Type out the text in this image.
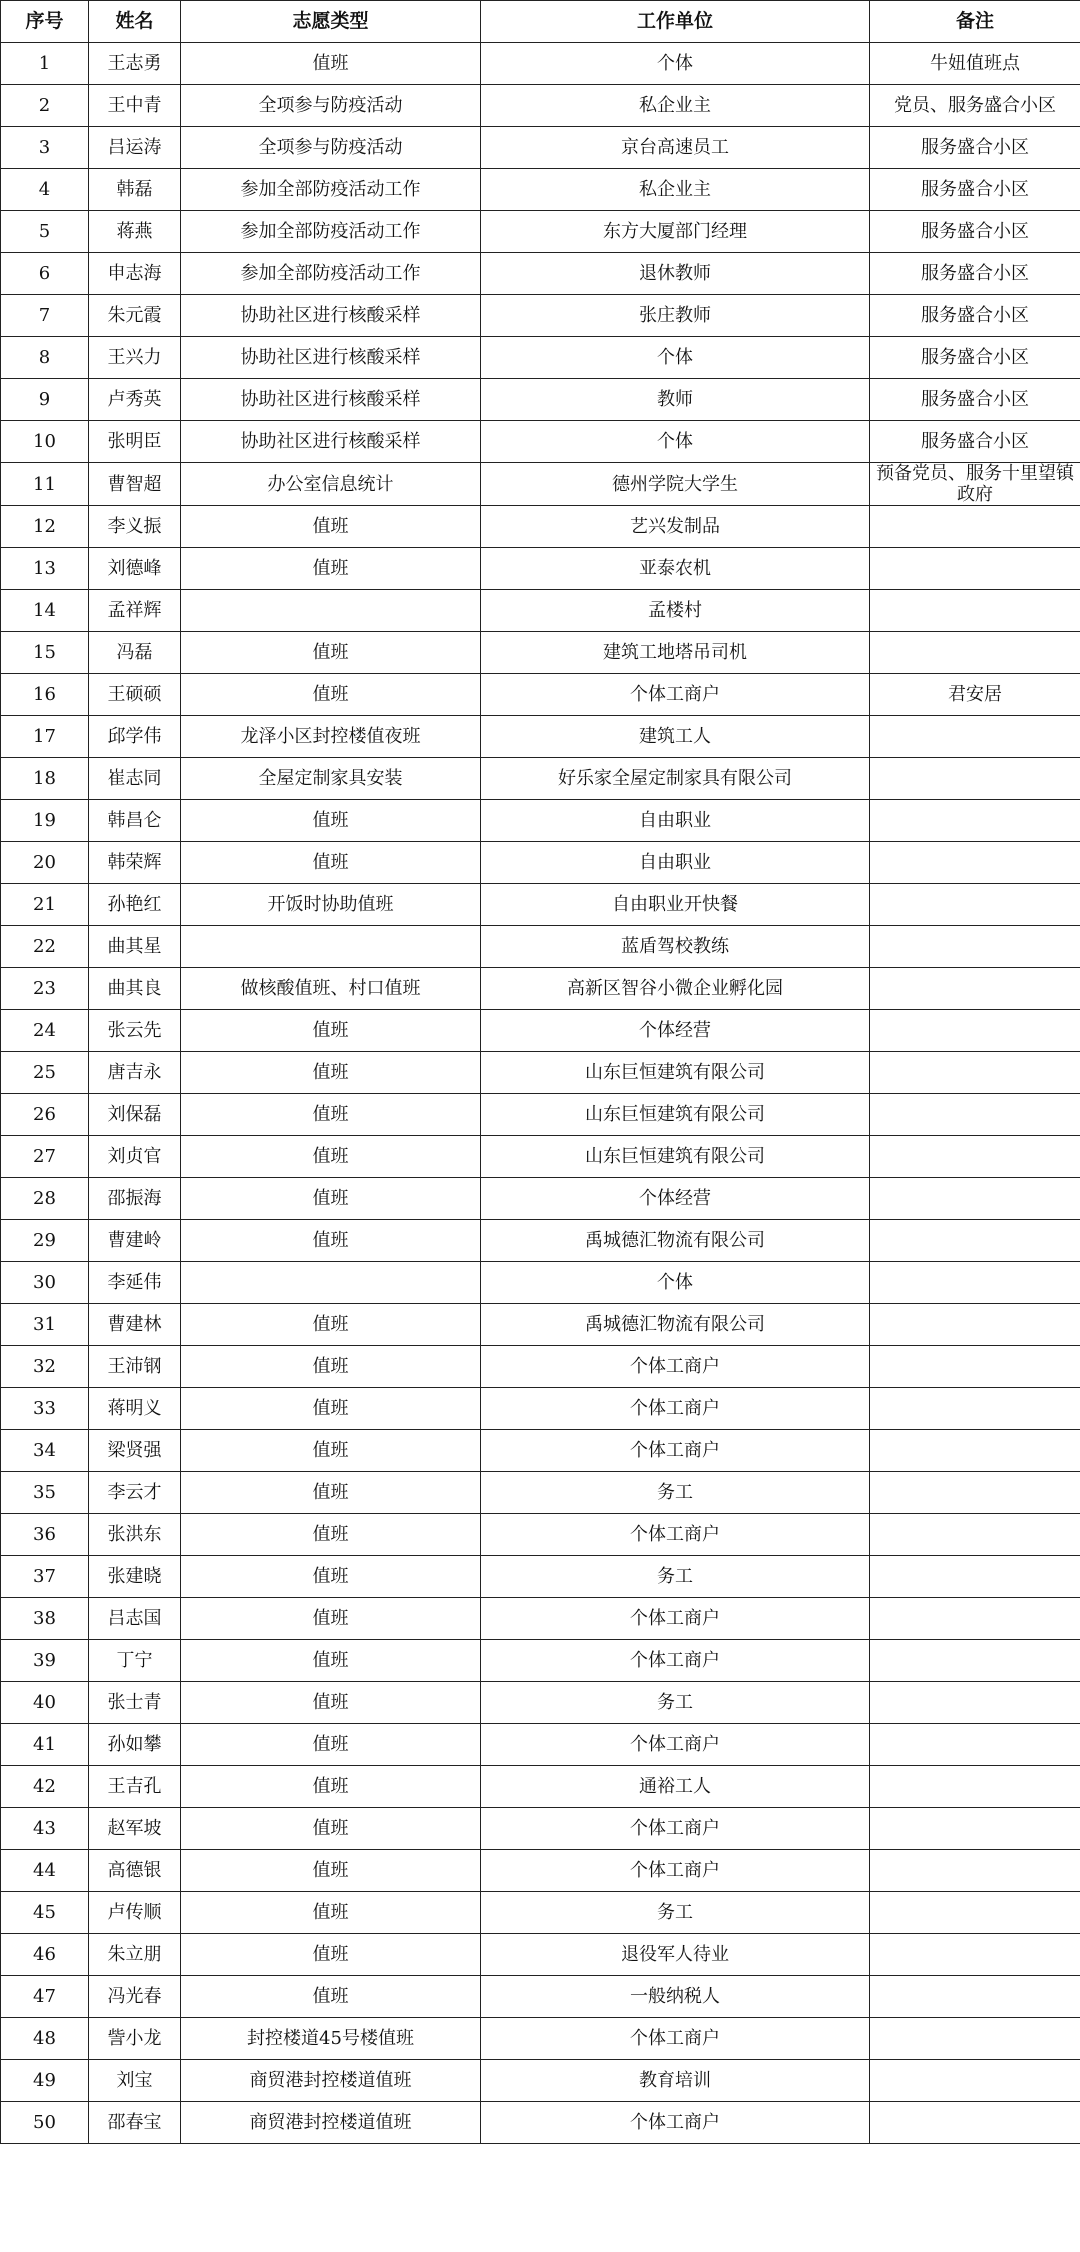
序号	姓名	志愿类型	工作单位	备注
1	王志勇	值班	个体	牛妞值班点
2	王中青	全项参与防疫活动	私企业主	党员、服务盛合小区
3	吕运涛	全项参与防疫活动	京台高速员工	服务盛合小区
4	韩磊	参加全部防疫活动工作	私企业主	服务盛合小区
5	蒋燕	参加全部防疫活动工作	东方大厦部门经理	服务盛合小区
6	申志海	参加全部防疫活动工作	退休教师	服务盛合小区
7	朱元霞	协助社区进行核酸采样	张庄教师	服务盛合小区
8	王兴力	协助社区进行核酸采样	个体	服务盛合小区
9	卢秀英	协助社区进行核酸采样	教师	服务盛合小区
10	张明臣	协助社区进行核酸采样	个体	服务盛合小区
11	曹智超	办公室信息统计	德州学院大学生	预备党员、服务十里望镇政府
12	李义振	值班	艺兴发制品	
13	刘德峰	值班	亚泰农机	
14	孟祥辉		孟楼村	
15	冯磊	值班	建筑工地塔吊司机	
16	王硕硕	值班	个体工商户	君安居
17	邱学伟	龙泽小区封控楼值夜班	建筑工人	
18	崔志同	全屋定制家具安装	好乐家全屋定制家具有限公司	
19	韩昌仑	值班	自由职业	
20	韩荣辉	值班	自由职业	
21	孙艳红	开饭时协助值班	自由职业开快餐	
22	曲其星		蓝盾驾校教练	
23	曲其良	做核酸值班、村口值班	高新区智谷小微企业孵化园	
24	张云先	值班	个体经营	
25	唐吉永	值班	山东巨恒建筑有限公司	
26	刘保磊	值班	山东巨恒建筑有限公司	
27	刘贞官	值班	山东巨恒建筑有限公司	
28	邵振海	值班	个体经营	
29	曹建岭	值班	禹城德汇物流有限公司	
30	李延伟		个体	
31	曹建林	值班	禹城德汇物流有限公司	
32	王沛钢	值班	个体工商户	
33	蒋明义	值班	个体工商户	
34	梁贤强	值班	个体工商户	
35	李云才	值班	务工	
36	张洪东	值班	个体工商户	
37	张建晓	值班	务工	
38	吕志国	值班	个体工商户	
39	丁宁	值班	个体工商户	
40	张士青	值班	务工	
41	孙如攀	值班	个体工商户	
42	王吉孔	值班	通裕工人	
43	赵军坡	值班	个体工商户	
44	高德银	值班	个体工商户	
45	卢传顺	值班	务工	
46	朱立朋	值班	退役军人待业	
47	冯光春	值班	一般纳税人	
48	訾小龙	封控楼道45号楼值班	个体工商户	
49	刘宝	商贸港封控楼道值班	教育培训	
50	邵春宝	商贸港封控楼道值班	个体工商户	
